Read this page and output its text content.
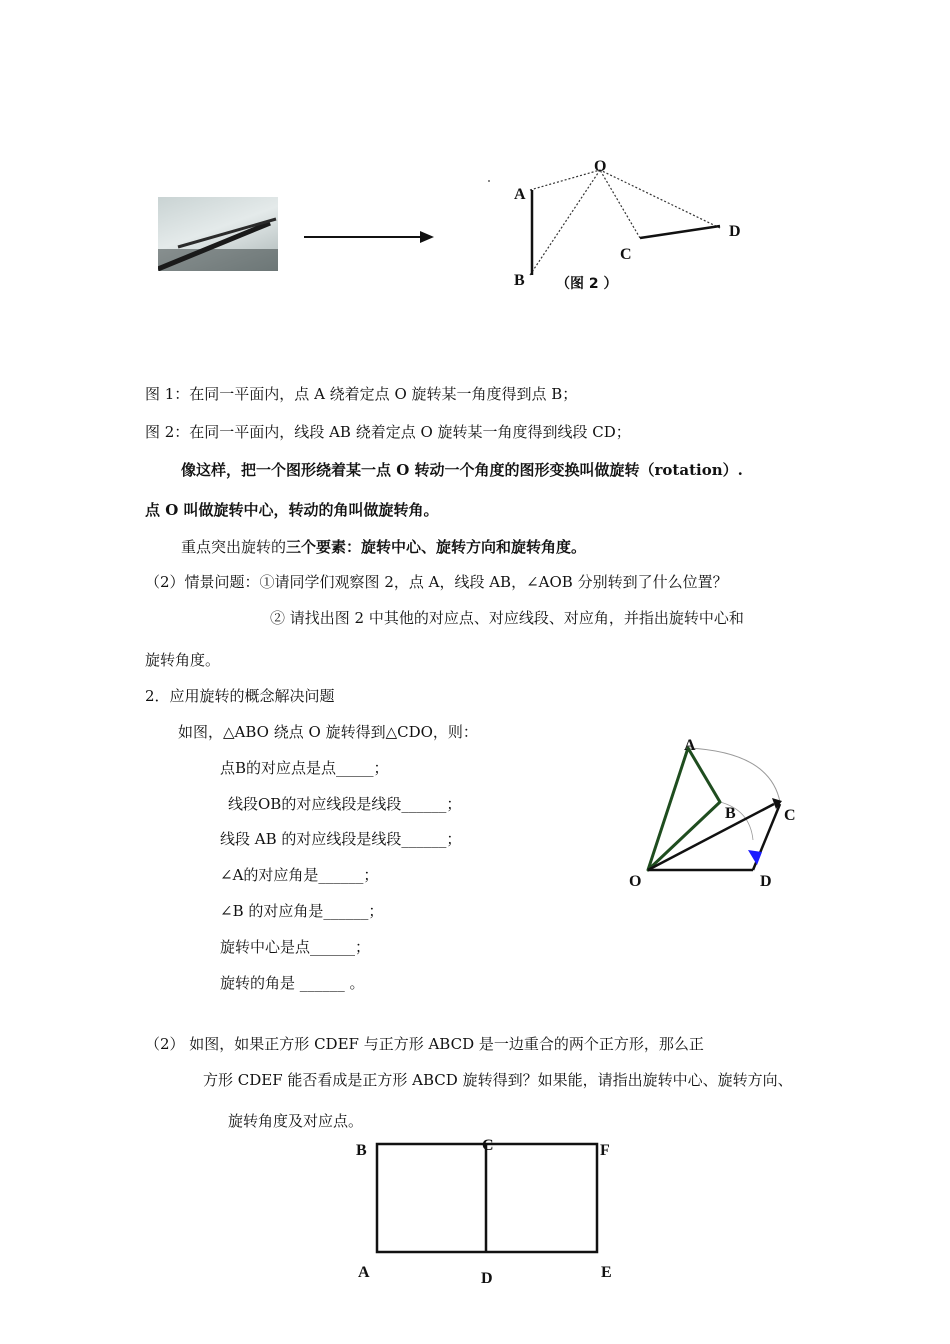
O
A
B
C
D
（图 2 ）
图 1：在同一平面内，点 A 绕着定点 O 旋转某一角度得到点 B；
图 2：在同一平面内，线段 AB 绕着定点 O 旋转某一角度得到线段 CD；
像这样，把一个图形绕着某一点 O 转动一个角度的图形变换叫做旋转（rotation）.
点 O 叫做旋转中心，转动的角叫做旋转角。
重点突出旋转的三个要素：旋转中心、旋转方向和旋转角度。
（2）情景问题：①请同学们观察图 2，点 A，线段 AB，∠AOB 分别转到了什么位置？
② 请找出图 2 中其他的对应点、对应线段、对应角，并指出旋转中心和
旋转角度。
2．应用旋转的概念解决问题
如图，△ABO 绕点 O 旋转得到△CDO，则：
点B的对应点是点_____；
线段OB的对应线段是线段______；
线段 AB 的对应线段是线段______；
∠A的对应角是______；
∠B 的对应角是______；
旋转中心是点______；
旋转的角是 ______ 。
A
B	C
O	D
（2） 如图，如果正方形 CDEF 与正方形 ABCD 是一边重合的两个正方形，那么正
方形 CDEF 能否看成是正方形 ABCD 旋转得到？如果能，请指出旋转中心、旋转方向、
旋转角度及对应点。
B	C	F
A	D	E
